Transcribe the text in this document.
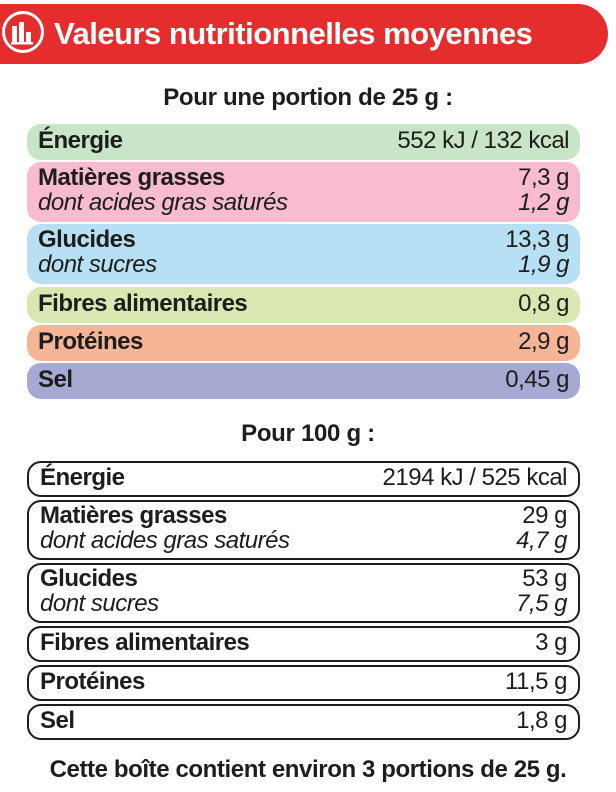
Valeurs nutritionnelles moyennes
Pour une portion de 25 g :
Énergie	552 kJ / 132 kcal
Matières grasses	7,3 g
dont acides gras saturés	1,2 g
Glucides	13,3 g
dont sucres	1,9 g
Fibres alimentaires	0,8 g
Protéines	2,9 g
Sel	0,45 g
Pour 100 g :
Énergie	2194 kJ / 525 kcal
Matières grasses	29 g
dont acides gras saturés	4,7 g
Glucides	53 g
dont sucres	7,5 g
Fibres alimentaires	3 g
Protéines	11,5 g
Sel	1,8 g
Cette boîte contient environ 3 portions de 25 g.
